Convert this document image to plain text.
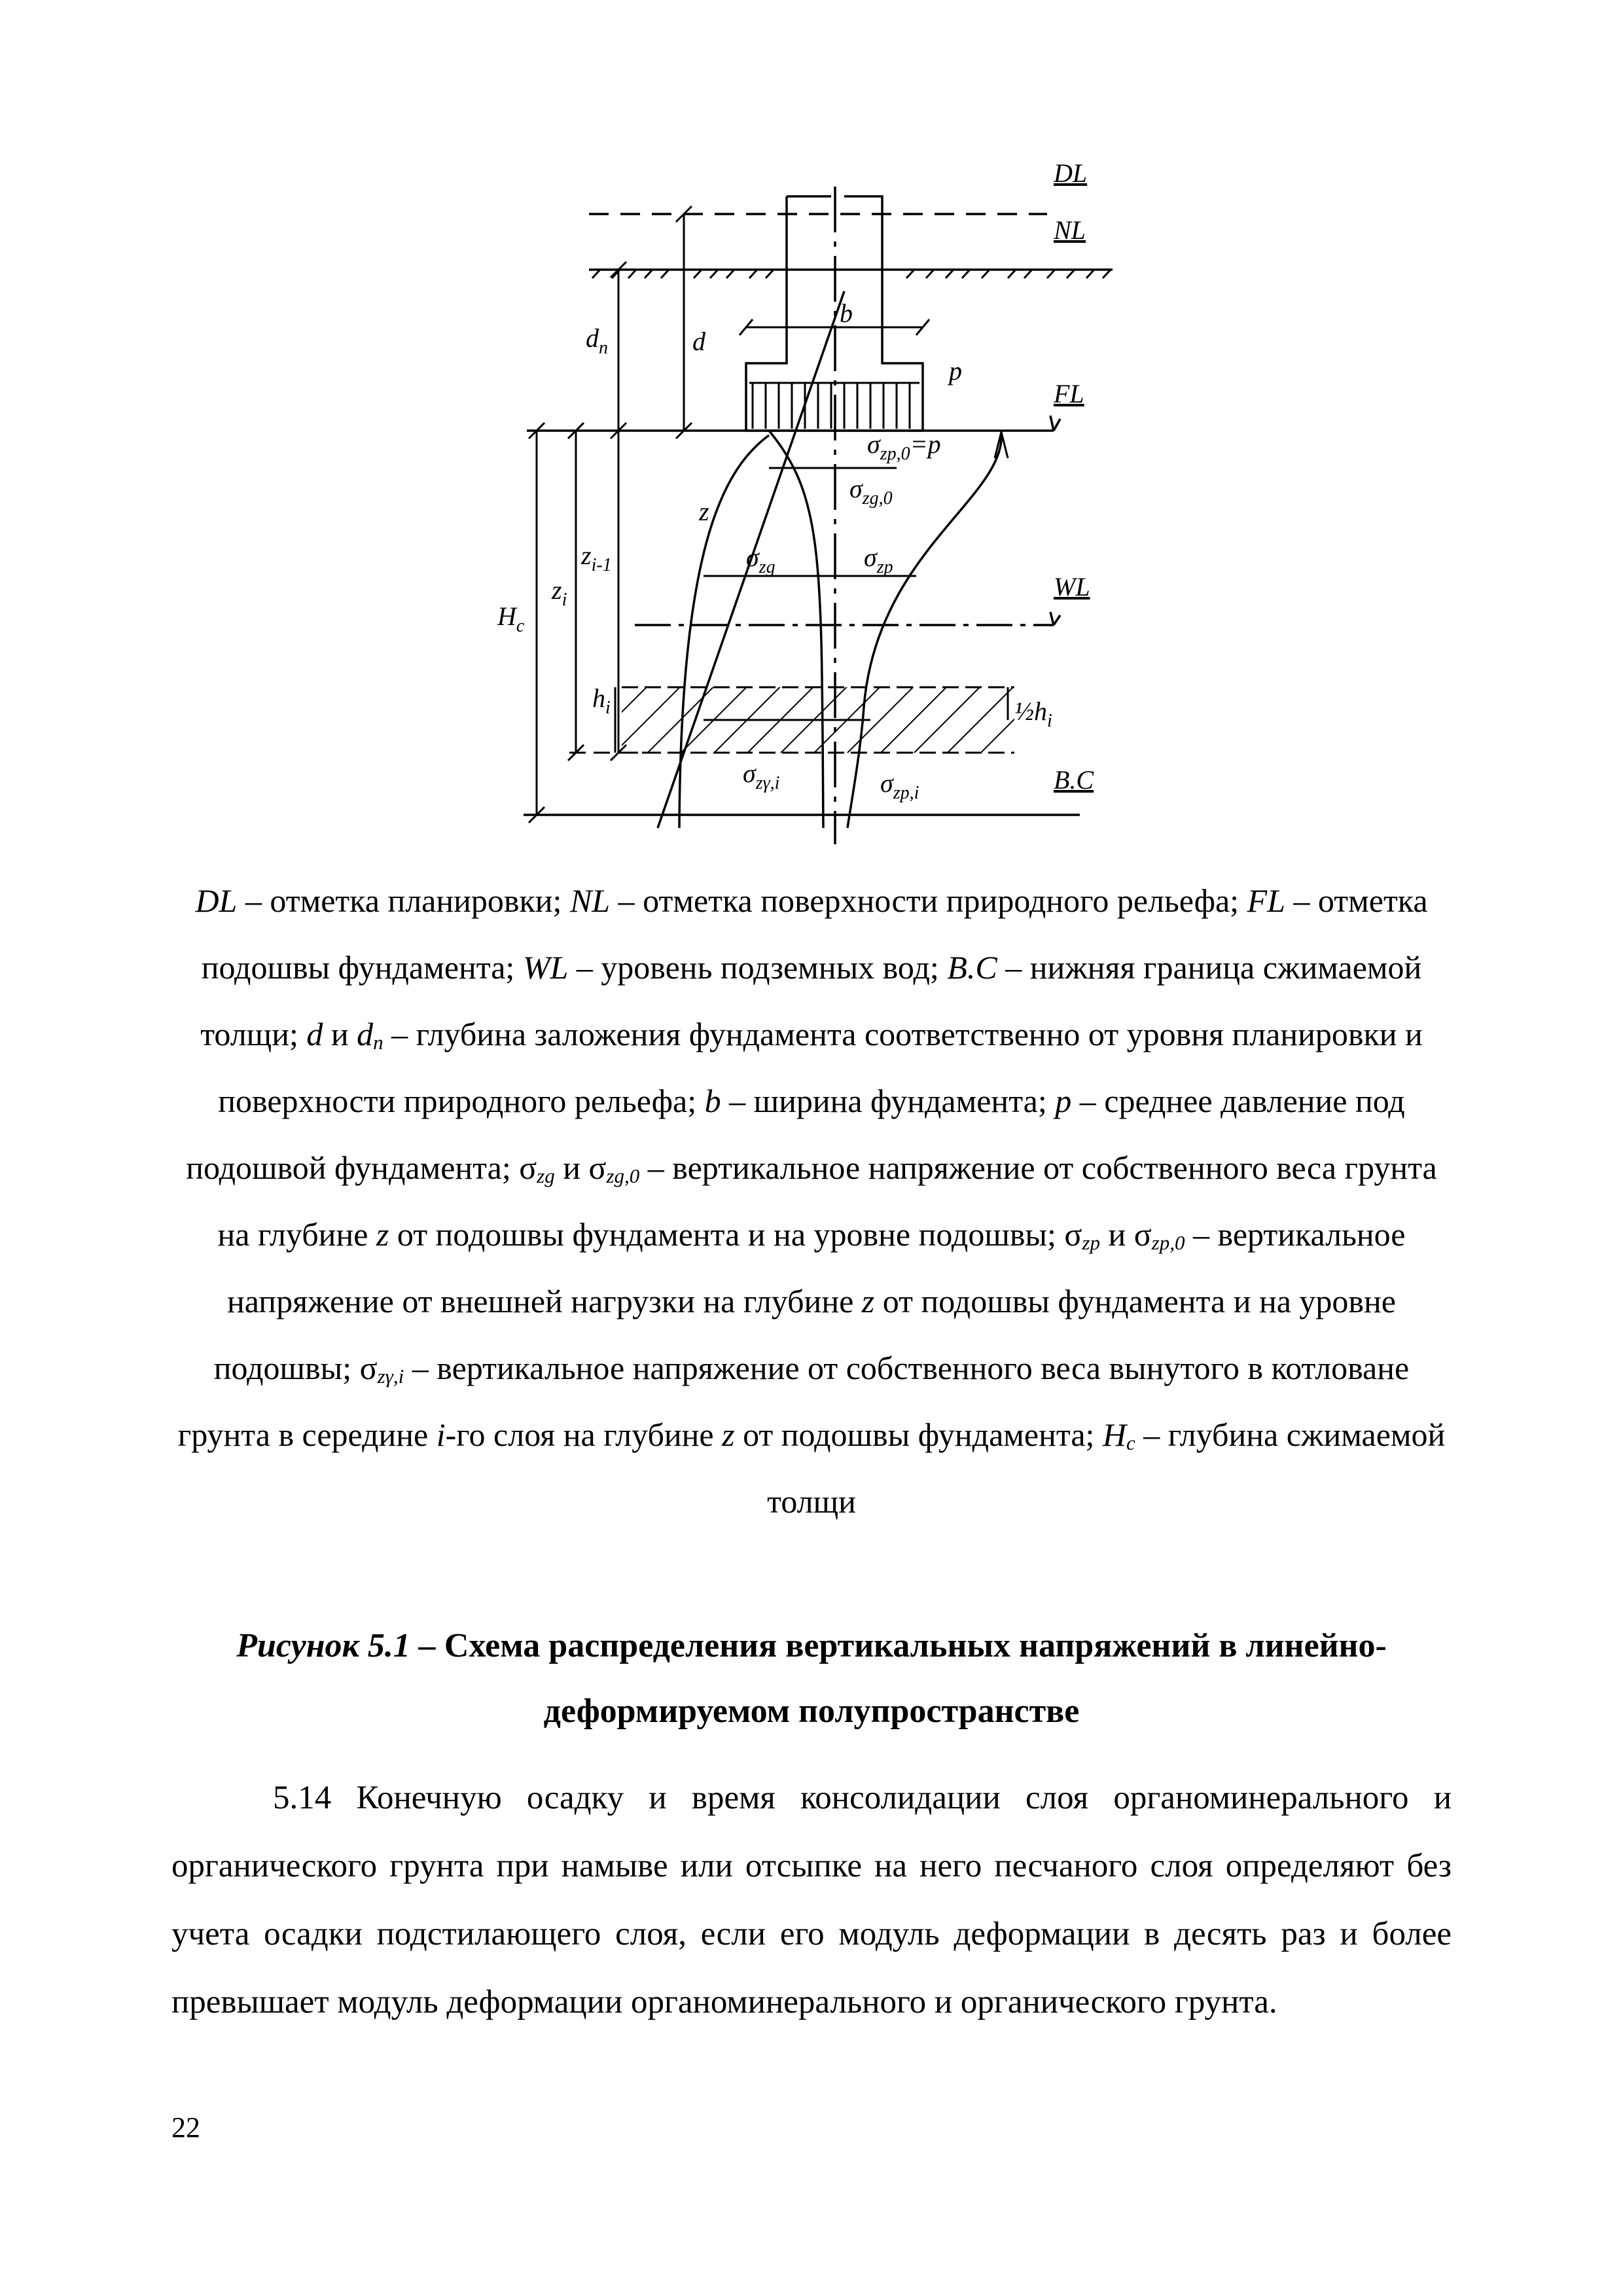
DL
NL
FL
WL
B.C
b
p
d
$d_n$
z
$z_{i-1}$
$z_i$
$H_c$
$h_i$	$\frac{1}{2}h_i$
$\sigma_{zp,0}=p$
$\sigma_{zg,0}$
$\sigma_{zg}$	$\sigma_{zp}$
$\sigma_{z\gamma,i}$	$\sigma_{zp,i}$
DL – отметка планировки; NL – отметка поверхности природного рельефа; FL – отметка подошвы фундамента; WL – уровень подземных вод; B.C – нижняя граница сжимаемой толщи; d и $d_n$ – глубина заложения фундамента соответственно от уровня планировки и поверхности природного рельефа; b – ширина фундамента; p – среднее давление под подошвой фундамента; $\sigma_{zg}$ и $\sigma_{zg,0}$ – вертикальное напряжение от собственного веса грунта на глубине z от подошвы фундамента и на уровне подошвы; $\sigma_{zp}$ и $\sigma_{zp,0}$ – вертикальное напряжение от внешней нагрузки на глубине z от подошвы фундамента и на уровне подошвы; $\sigma_{z\gamma,i}$ – вертикальное напряжение от собственного веса вынутого в котловане грунта в середине i-го слоя на глубине z от подошвы фундамента; $H_c$ – глубина сжимаемой толщи
Рисунок 5.1 – Схема распределения вертикальных напряжений в линейно-деформируемом полупространстве

5.14 Конечную осадку и время консолидации слоя органоминерального и органического грунта при намыве или отсыпке на него песчаного слоя определяют без учета осадки подстилающего слоя, если его модуль деформации в десять раз и более превышает модуль деформации органоминерального и органического грунта.

22
